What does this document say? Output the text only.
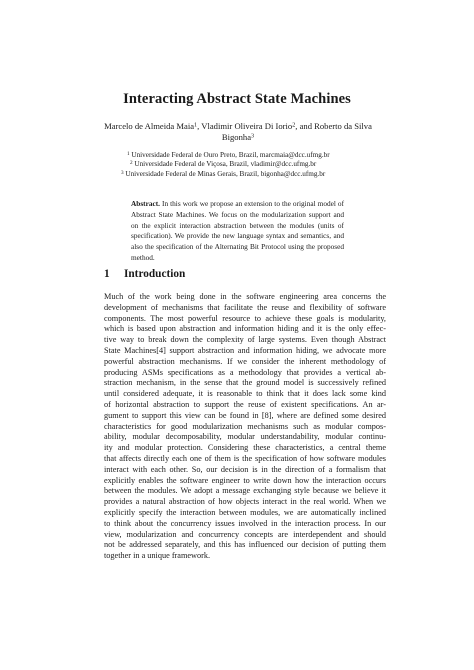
Interacting Abstract State Machines
Marcelo de Almeida Maia$^1$, Vladimir Oliveira Di Iorio$^2$, and Roberto da Silva
Bigonha$^3$
$^1$ Universidade Federal de Ouro Preto, Brazil, marcmaia@dcc.ufmg.br
$^2$ Universidade Federal de Viçosa, Brazil, vladimir@dcc.ufmg.br
$^3$ Universidade Federal de Minas Gerais, Brazil, bigonha@dcc.ufmg.br
Abstract. In this work we propose an extension to the original model of
Abstract State Machines. We focus on the modularization support and
on the explicit interaction abstraction between the modules (units of
specification). We provide the new language syntax and semantics, and
also the specification of the Alternating Bit Protocol using the proposed
method.
1 Introduction
Much of the work being done in the software engineering area concerns the
development of mechanisms that facilitate the reuse and flexibility of software
components. The most powerful resource to achieve these goals is modularity,
which is based upon abstraction and information hiding and it is the only effec-
tive way to break down the complexity of large systems. Even though Abstract
State Machines[4] support abstraction and information hiding, we advocate more
powerful abstraction mechanisms. If we consider the inherent methodology of
producing ASMs specifications as a methodology that provides a vertical ab-
straction mechanism, in the sense that the ground model is successively refined
until considered adequate, it is reasonable to think that it does lack some kind
of horizontal abstraction to support the reuse of existent specifications. An ar-
gument to support this view can be found in [8], where are defined some desired
characteristics for good modularization mechanisms such as modular compos-
ability, modular decomposability, modular understandability, modular continu-
ity and modular protection. Considering these characteristics, a central theme
that affects directly each one of them is the specification of how software modules
interact with each other. So, our decision is in the direction of a formalism that
explicitly enables the software engineer to write down how the interaction occurs
between the modules. We adopt a message exchanging style because we believe it
provides a natural abstraction of how objects interact in the real world. When we
explicitly specify the interaction between modules, we are automatically inclined
to think about the concurrency issues involved in the interaction process. In our
view, modularization and concurrency concepts are interdependent and should
not be addressed separately, and this has influenced our decision of putting them
together in a unique framework.
